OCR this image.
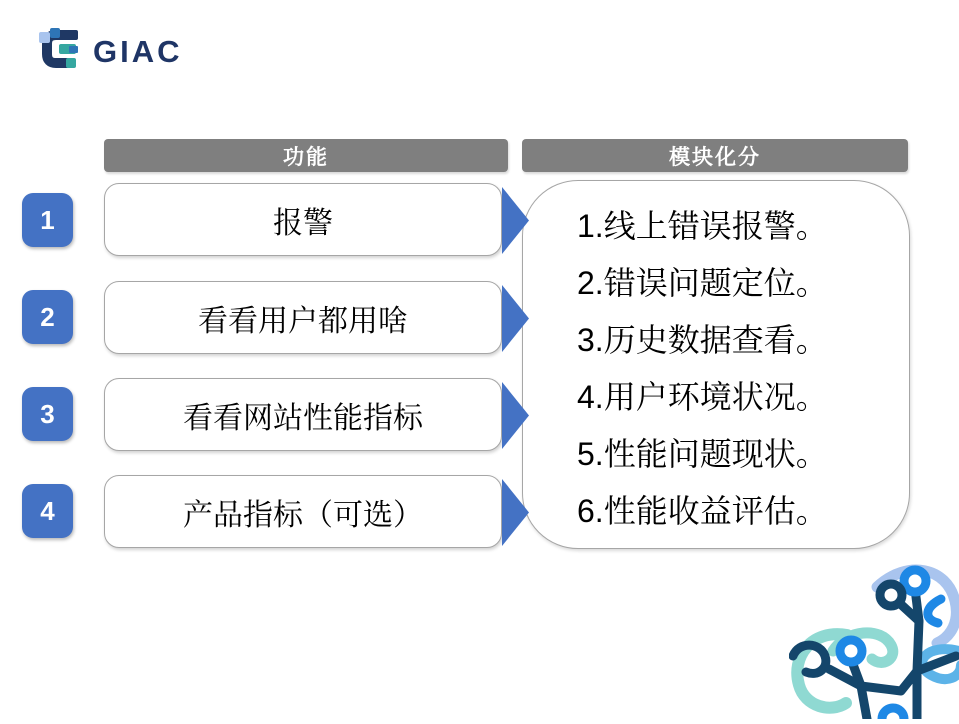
GIAC
功能	模块化分
1	报警
2	看看用户都用啥
3	看看网站性能指标
4	产品指标（可选）
1.线上错误报警。
2.错误问题定位。
3.历史数据查看。
4.用户环境状况。
5.性能问题现状。
6.性能收益评估。
